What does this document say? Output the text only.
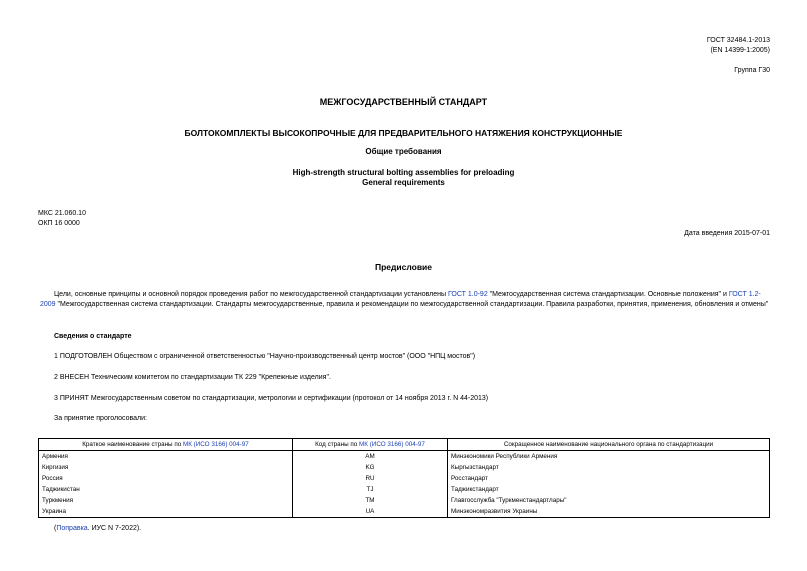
ГОСТ 32484.1-2013
(EN 14399-1:2005)
Группа Г30
МЕЖГОСУДАРСТВЕННЫЙ СТАНДАРТ
БОЛТОКОМПЛЕКТЫ ВЫСОКОПРОЧНЫЕ ДЛЯ ПРЕДВАРИТЕЛЬНОГО НАТЯЖЕНИЯ КОНСТРУКЦИОННЫЕ
Общие требования
High-strength structural bolting assemblies for preloading
General requirements
МКС 21.060.10
ОКП 16 0000
Дата введения 2015-07-01
Предисловие
Цели, основные принципы и основной порядок проведения работ по межгосударственной стандартизации установлены ГОСТ 1.0-92 "Межгосударственная система стандартизации. Основные положения" и ГОСТ 1.2-2009 "Межгосударственная система стандартизации. Стандарты межгосударственные, правила и рекомендации по межгосударственной стандартизации. Правила разработки, принятия, применения, обновления и отмены"
Сведения о стандарте
1 ПОДГОТОВЛЕН Обществом с ограниченной ответственностью "Научно-производственный центр мостов" (ООО "НПЦ мостов")
2 ВНЕСЕН Техническим комитетом по стандартизации ТК 229 "Крепежные изделия".
3 ПРИНЯТ Межгосударственным советом по стандартизации, метрологии и сертификации (протокол от 14 ноября 2013 г. N 44-2013)
За принятие проголосовали:
Краткое наименование страны по МК (ИСО 3166) 004-97	Код страны по МК (ИСО 3166) 004-97	Сокращенное наименование национального органа по стандартизации
Армения	AM	Минэкономики Республики Армения
Киргизия	KG	Кыргызстандарт
Россия	RU	Росстандарт
Таджикистан	TJ	Таджикстандарт
Туркмения	TM	Главгосслужба "Туркменстандартлары"
Украина	UA	Минэкономразвития Украины
(Поправка. ИУС N 7-2022).
